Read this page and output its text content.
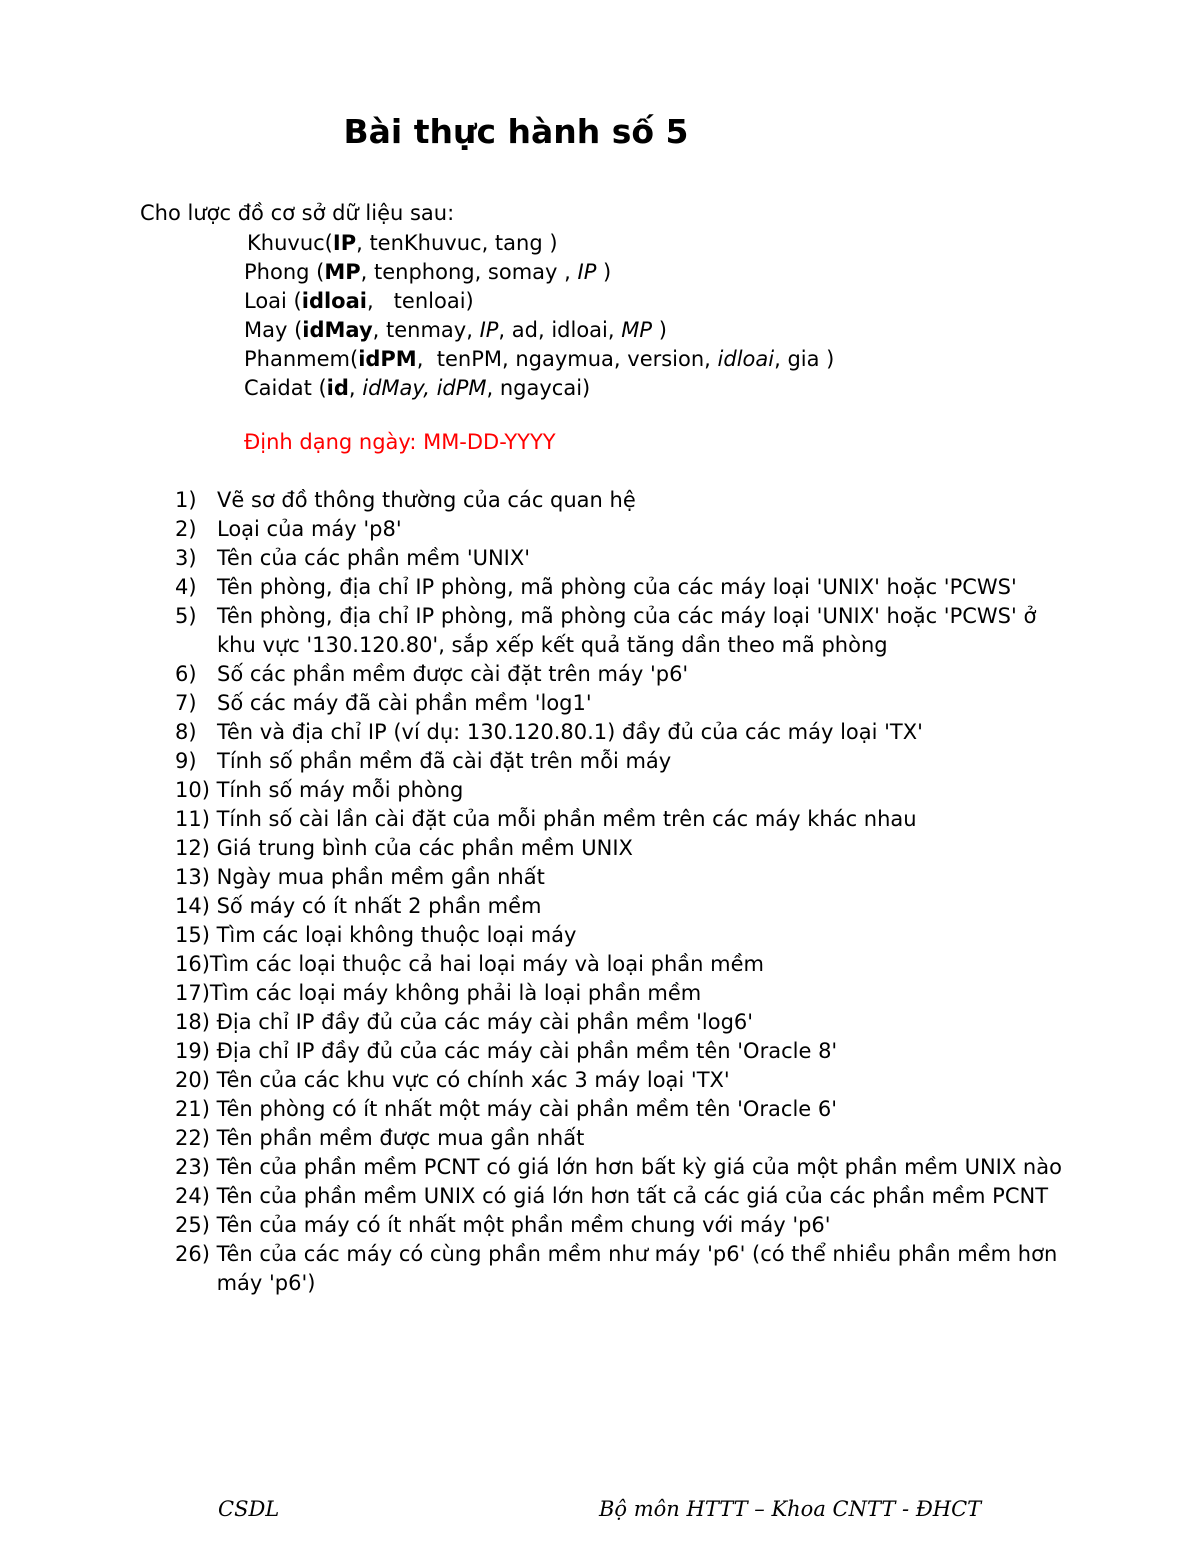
Bài thực hành số 5
Cho lược đồ cơ sở dữ liệu sau:
Khuvuc(IP, tenKhuvuc, tang )
Phong (MP, tenphong, somay , IP )
Loai (idloai,   tenloai)
May (idMay, tenmay, IP, ad, idloai, MP )
Phanmem(idPM,  tenPM, ngaymua, version, idloai, gia )
Caidat (id, idMay, idPM, ngaycai)
Định dạng ngày: MM-DD-YYYY
1) Vẽ sơ đồ thông thường của các quan hệ
2) Loại của máy 'p8'
3) Tên của các phần mềm 'UNIX'
4) Tên phòng, địa chỉ IP phòng, mã phòng của các máy loại 'UNIX' hoặc 'PCWS'
5) Tên phòng, địa chỉ IP phòng, mã phòng của các máy loại 'UNIX' hoặc 'PCWS' ở khu vực '130.120.80', sắp xếp kết quả tăng dần theo mã phòng
6) Số các phần mềm được cài đặt trên máy 'p6'
7) Số các máy đã cài phần mềm 'log1'
8) Tên và địa chỉ IP (ví dụ: 130.120.80.1) đầy đủ của các máy loại 'TX'
9) Tính số phần mềm đã cài đặt trên mỗi máy
10) Tính số máy mỗi phòng
11) Tính số cài lần cài đặt của mỗi phần mềm trên các máy khác nhau
12) Giá trung bình của các phần mềm UNIX
13) Ngày mua phần mềm gần nhất
14) Số máy có ít nhất 2 phần mềm
15) Tìm các loại không thuộc loại máy
16) Tìm các loại thuộc cả hai loại máy và loại phần mềm
17) Tìm các loại máy không phải là loại phần mềm
18) Địa chỉ IP đầy đủ của các máy cài phần mềm 'log6'
19) Địa chỉ IP đầy đủ của các máy cài phần mềm tên 'Oracle 8'
20) Tên của các khu vực có chính xác 3 máy loại 'TX'
21) Tên phòng có ít nhất một máy cài phần mềm tên 'Oracle 6'
22) Tên phần mềm được mua gần nhất
23) Tên của phần mềm PCNT có giá lớn hơn bất kỳ giá của một phần mềm UNIX nào
24) Tên của phần mềm UNIX có giá lớn hơn tất cả các giá của các phần mềm PCNT
25) Tên của máy có ít nhất một phần mềm chung với máy 'p6'
26) Tên của các máy có cùng phần mềm như máy 'p6' (có thể nhiều phần mềm hơn máy 'p6')
CSDL	Bộ môn HTTT – Khoa CNTT - ĐHCT
